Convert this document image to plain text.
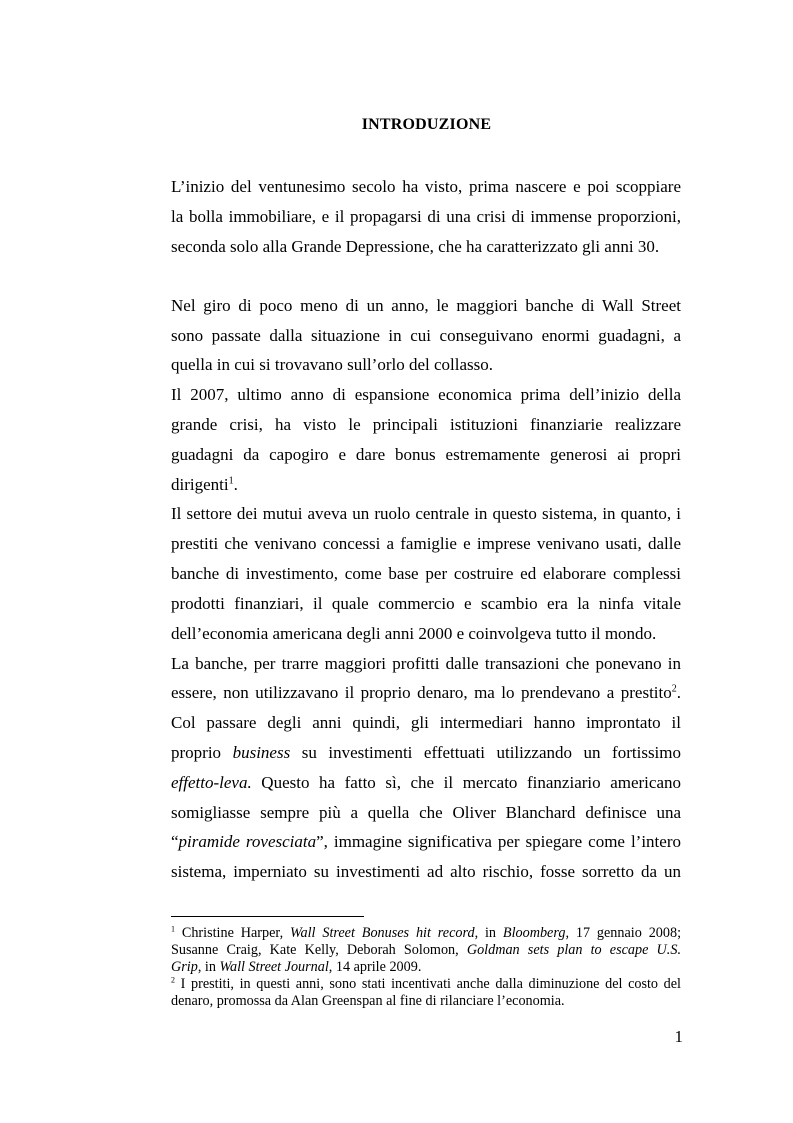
INTRODUZIONE

L’inizio del ventunesimo secolo ha visto, prima nascere e poi scoppiare

la bolla immobiliare, e il propagarsi di una crisi di immense proporzioni,

seconda solo alla Grande Depressione, che ha caratterizzato gli anni 30.

Nel giro di poco meno di un anno, le maggiori banche di Wall Street

sono passate dalla situazione in cui conseguivano enormi guadagni, a

quella in cui si trovavano sull’orlo del collasso.

Il 2007, ultimo anno di espansione economica prima dell’inizio della

grande crisi, ha visto le principali istituzioni finanziarie realizzare

guadagni da capogiro e dare bonus estremamente generosi ai propri

dirigenti$^1$.

Il settore dei mutui aveva un ruolo centrale in questo sistema, in quanto, i

prestiti che venivano concessi a famiglie e imprese venivano usati, dalle

banche di investimento, come base per costruire ed elaborare complessi

prodotti finanziari, il quale commercio e scambio era la ninfa vitale

dell’economia americana degli anni 2000 e coinvolgeva tutto il mondo.

La banche, per trarre maggiori profitti dalle transazioni che ponevano in

essere, non utilizzavano il proprio denaro, ma lo prendevano a prestito$^2$.

Col passare degli anni quindi, gli intermediari hanno improntato il

proprio business su investimenti effettuati utilizzando un fortissimo

effetto-leva. Questo ha fatto sì, che il mercato finanziario americano

somigliasse sempre più a quella che Oliver Blanchard definisce una

“piramide rovesciata”, immagine significativa per spiegare come l’intero

sistema, imperniato su investimenti ad alto rischio, fosse sorretto da un

$^1$ Christine Harper, Wall Street Bonuses hit record, in Bloomberg, 17 gennaio 2008;

Susanne Craig, Kate Kelly, Deborah Solomon, Goldman sets plan to escape U.S.

Grip, in Wall Street Journal, 14 aprile 2009.

$^2$ I prestiti, in questi anni, sono stati incentivati anche dalla diminuzione del costo del

denaro, promossa da Alan Greenspan al fine di rilanciare l’economia.

1
